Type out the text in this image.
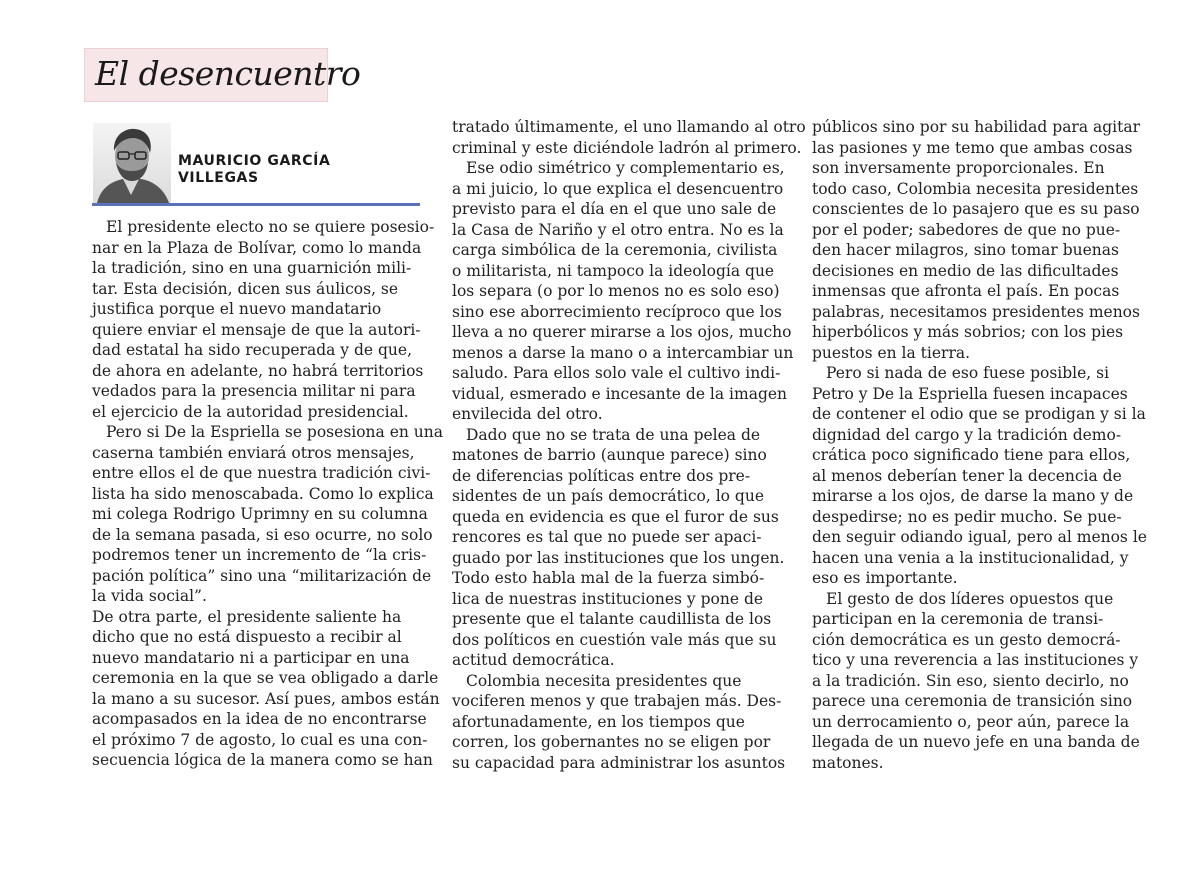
El desencuentro
MAURICIO GARCÍA
VILLEGAS

El presidente electo no se quiere posesio-
nar en la Plaza de Bolívar, como lo manda
la tradición, sino en una guarnición mili-
tar. Esta decisión, dicen sus áulicos, se
justifica porque el nuevo mandatario
quiere enviar el mensaje de que la autori-
dad estatal ha sido recuperada y de que,
de ahora en adelante, no habrá territorios
vedados para la presencia militar ni para
el ejercicio de la autoridad presidencial.

Pero si De la Espriella se posesiona en una
caserna también enviará otros mensajes,
entre ellos el de que nuestra tradición civi-
lista ha sido menoscabada. Como lo explica
mi colega Rodrigo Uprimny en su columna
de la semana pasada, si eso ocurre, no solo
podremos tener un incremento de “la cris-
pación política” sino una “militarización de
la vida social”.

De otra parte, el presidente saliente ha
dicho que no está dispuesto a recibir al
nuevo mandatario ni a participar en una
ceremonia en la que se vea obligado a darle
la mano a su sucesor. Así pues, ambos están
acompasados en la idea de no encontrarse
el próximo 7 de agosto, lo cual es una con-
secuencia lógica de la manera como se han

tratado últimamente, el uno llamando al otro
criminal y este diciéndole ladrón al primero.

Ese odio simétrico y complementario es,
a mi juicio, lo que explica el desencuentro
previsto para el día en el que uno sale de
la Casa de Nariño y el otro entra. No es la
carga simbólica de la ceremonia, civilista
o militarista, ni tampoco la ideología que
los separa (o por lo menos no es solo eso)
sino ese aborrecimiento recíproco que los
lleva a no querer mirarse a los ojos, mucho
menos a darse la mano o a intercambiar un
saludo. Para ellos solo vale el cultivo indi-
vidual, esmerado e incesante de la imagen
envilecida del otro.

Dado que no se trata de una pelea de
matones de barrio (aunque parece) sino
de diferencias políticas entre dos pre-
sidentes de un país democrático, lo que
queda en evidencia es que el furor de sus
rencores es tal que no puede ser apaci-
guado por las instituciones que los ungen.
Todo esto habla mal de la fuerza simbó-
lica de nuestras instituciones y pone de
presente que el talante caudillista de los
dos políticos en cuestión vale más que su
actitud democrática.

Colombia necesita presidentes que
vociferen menos y que trabajen más. Des-
afortunadamente, en los tiempos que
corren, los gobernantes no se eligen por
su capacidad para administrar los asuntos

públicos sino por su habilidad para agitar
las pasiones y me temo que ambas cosas
son inversamente proporcionales. En
todo caso, Colombia necesita presidentes
conscientes de lo pasajero que es su paso
por el poder; sabedores de que no pue-
den hacer milagros, sino tomar buenas
decisiones en medio de las dificultades
inmensas que afronta el país. En pocas
palabras, necesitamos presidentes menos
hiperbólicos y más sobrios; con los pies
puestos en la tierra.

Pero si nada de eso fuese posible, si
Petro y De la Espriella fuesen incapaces
de contener el odio que se prodigan y si la
dignidad del cargo y la tradición demo-
crática poco significado tiene para ellos,
al menos deberían tener la decencia de
mirarse a los ojos, de darse la mano y de
despedirse; no es pedir mucho. Se pue-
den seguir odiando igual, pero al menos le
hacen una venia a la institucionalidad, y
eso es importante.

El gesto de dos líderes opuestos que
participan en la ceremonia de transi-
ción democrática es un gesto democrá-
tico y una reverencia a las instituciones y
a la tradición. Sin eso, siento decirlo, no
parece una ceremonia de transición sino
un derrocamiento o, peor aún, parece la
llegada de un nuevo jefe en una banda de
matones.
